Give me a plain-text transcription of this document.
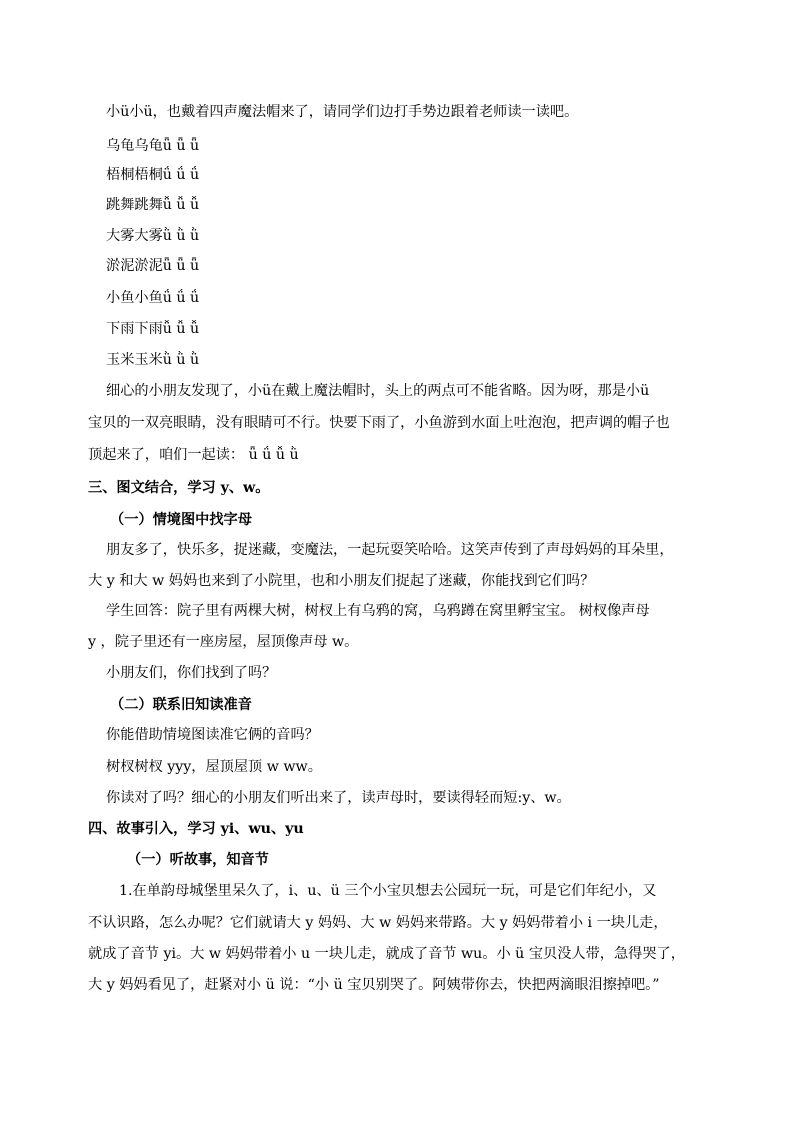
小ü小ü，也戴着四声魔法帽来了，请同学们边打手势边跟着老师读一读吧。
乌龟乌龟ǖ ǖ ǖ
梧桐梧桐ǘ ǘ ǘ
跳舞跳舞ǚ ǚ ǚ
大雾大雾ǜ ǜ ǜ
淤泥淤泥ǖ ǖ ǖ
小鱼小鱼ǘ ǘ ǘ
下雨下雨ǚ ǚ ǚ
玉米玉米ǜ ǜ ǜ
细心的小朋友发现了，小ü在戴上魔法帽时，头上的两点可不能省略。因为呀，那是小ü
宝贝的一双亮眼睛，没有眼睛可不行。快要下雨了，小鱼游到水面上吐泡泡，把声调的帽子也
顶起来了，咱们一起读： ǖ ǘ ǚ ǜ
三、图文结合，学习 y、w。
（一）情境图中找字母
朋友多了，快乐多，捉迷藏，变魔法，一起玩耍笑哈哈。这笑声传到了声母妈妈的耳朵里，
大 y 和大 w 妈妈也来到了小院里，也和小朋友们捉起了迷藏，你能找到它们吗？
学生回答：院子里有两棵大树，树杈上有乌鸦的窝，乌鸦蹲在窝里孵宝宝。 树杈像声母
y ，院子里还有一座房屋，屋顶像声母 w。
小朋友们，你们找到了吗？
（二）联系旧知读准音
你能借助情境图读准它俩的音吗？
树杈树杈 yyy，屋顶屋顶 w ww。
你读对了吗？细心的小朋友们听出来了，读声母时，要读得轻而短:y、w。
四、故事引入，学习 yi、wu、yu
（一）听故事，知音节
1.在单韵母城堡里呆久了，i、u、ü 三个小宝贝想去公园玩一玩，可是它们年纪小，又
不认识路，怎么办呢？它们就请大 y 妈妈、大 w 妈妈来带路。大 y 妈妈带着小 i 一块儿走，
就成了音节 yi。大 w 妈妈带着小 u 一块儿走，就成了音节 wu。小 ü 宝贝没人带，急得哭了，
大 y 妈妈看见了，赶紧对小 ü 说：“小 ü 宝贝别哭了。阿姨带你去，快把两滴眼泪擦掉吧。”
